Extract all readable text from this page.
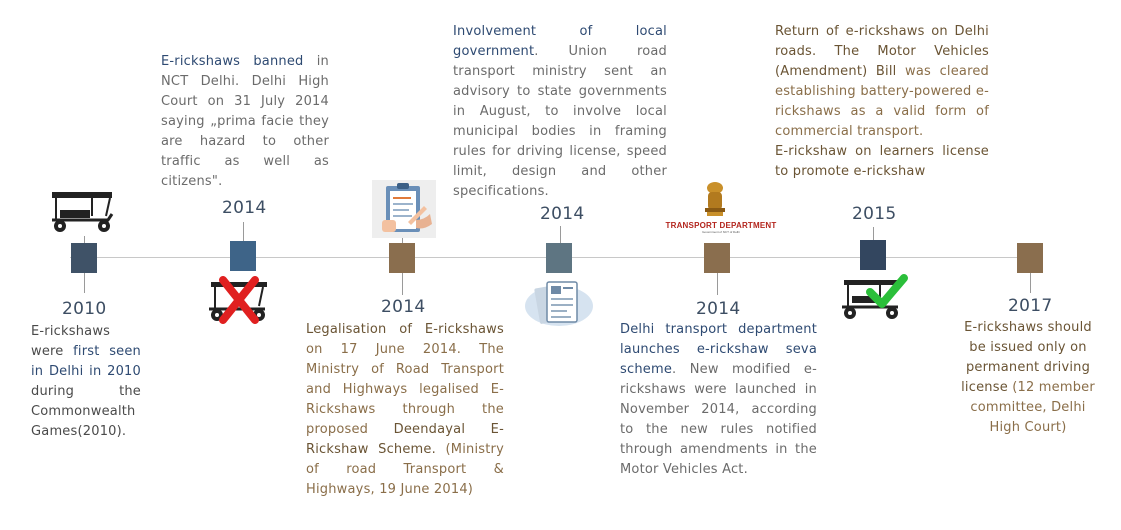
2010
E-rickshaws were first seen in Delhi in 2010 during the Commonwealth Games(2010).
E-rickshaws banned in NCT Delhi. Delhi High Court on 31 July 2014 saying „prima facie they are hazard to other traffic as well as citizens".
2014
2014
Legalisation of E-rickshaws on 17 June 2014. The Ministry of Road Transport and Highways legalised E-Rickshaws through the proposed Deendayal E-Rickshaw Scheme. (Ministry of road Transport & Highways, 19 June 2014)
Involvement of local government. Union road transport ministry sent an advisory to state governments in August, to involve local municipal bodies in framing rules for driving license, speed limit, design and other specifications.
2014
TRANSPORT DEPARTMENT
Government of NCT of Delhi
2014
Delhi transport department launches e-rickshaw seva scheme. New modified e-rickshaws were launched in November 2014, according to the new rules notified through amendments in the Motor Vehicles Act.
Return of e-rickshaws on Delhi roads. The Motor Vehicles (Amendment) Bill was cleared establishing battery-powered e-rickshaws as a valid form of commercial transport.
E-rickshaw on learners license to promote e-rickshaw
2015
2017
E-rickshaws should be issued only on permanent driving license (12 member committee, Delhi High Court)
